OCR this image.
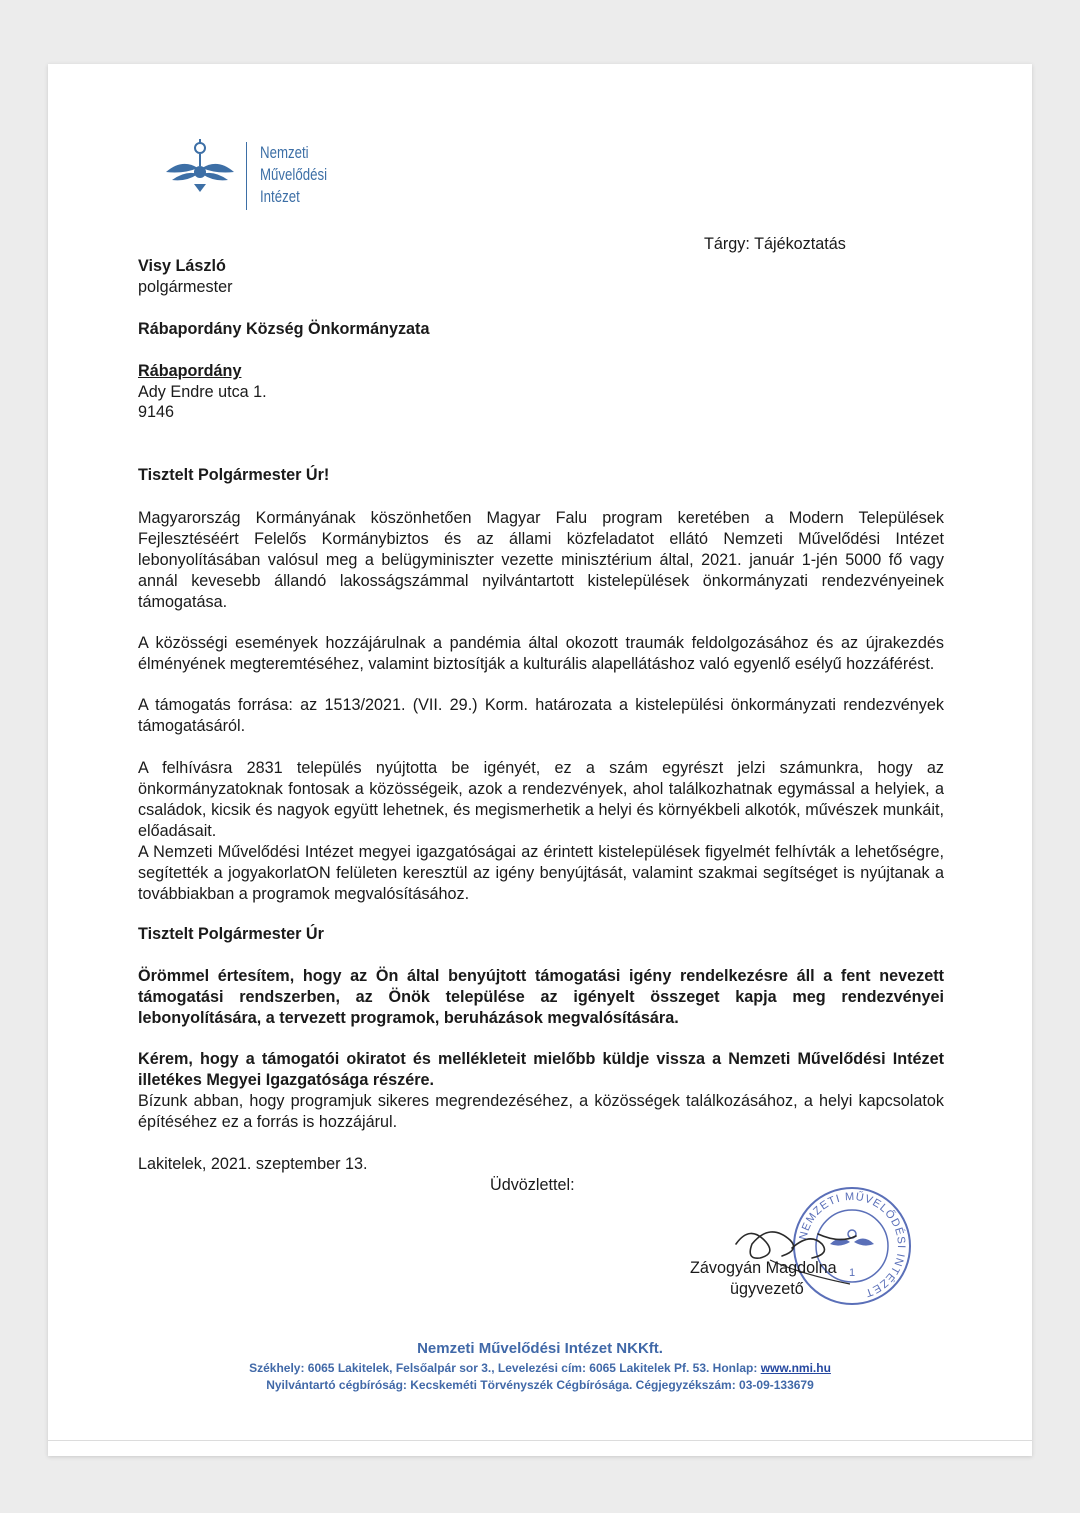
Nemzeti
Művelődési
Intézet
Tárgy: Tájékoztatás
Visy László
polgármester
Rábapordány Község Önkormányzata
Rábapordány
Ady Endre utca 1.
9146
Tisztelt Polgármester Úr!
Magyarország Kormányának köszönhetően Magyar Falu program keretében a Modern Települések Fejlesztéséért Felelős Kormánybiztos és az állami közfeladatot ellátó Nemzeti Művelődési Intézet lebonyolításában valósul meg a belügyminiszter vezette minisztérium által, 2021. január 1-jén 5000 fő vagy annál kevesebb állandó lakosságszámmal nyilvántartott kistelepülések önkormányzati rendezvényeinek támogatása.
A közösségi események hozzájárulnak a pandémia által okozott traumák feldolgozásához és az újrakezdés élményének megteremtéséhez, valamint biztosítják a kulturális alapellátáshoz való egyenlő esélyű hozzáférést.
A támogatás forrása: az 1513/2021. (VII. 29.) Korm. határozata a kistelepülési önkormányzati rendezvények támogatásáról.
A felhívásra 2831 település nyújtotta be igényét, ez a szám egyrészt jelzi számunkra, hogy az önkormányzatoknak fontosak a közösségeik, azok a rendezvények, ahol találkozhatnak egymással a helyiek, a családok, kicsik és nagyok együtt lehetnek, és megismerhetik a helyi és környékbeli alkotók, művészek munkáit, előadásait.
A Nemzeti Művelődési Intézet megyei igazgatóságai az érintett kistelepülések figyelmét felhívták a lehetőségre, segítették a jogyakorlatON felületen keresztül az igény benyújtását, valamint szakmai segítséget is nyújtanak a továbbiakban a programok megvalósításához.
Tisztelt Polgármester Úr
Örömmel értesítem, hogy az Ön által benyújtott támogatási igény rendelkezésre áll a fent nevezett támogatási rendszerben, az Önök települése az igényelt összeget kapja meg rendezvényei lebonyolítására, a tervezett programok, beruházások megvalósítására.
Kérem, hogy a támogatói okiratot és mellékleteit mielőbb küldje vissza a Nemzeti Művelődési Intézet illetékes Megyei Igazgatósága részére.
Bízunk abban, hogy programjuk sikeres megrendezéséhez, a közösségek találkozásához, a helyi kapcsolatok építéséhez ez a forrás is hozzájárul.
Lakitelek, 2021. szeptember 13.
Üdvözlettel:
NEMZETI MŰVELŐDÉSI INTÉZET
1
Závogyán Magdolna
ügyvezető
Nemzeti Művelődési Intézet NKKft.
Székhely: 6065 Lakitelek, Felsőalpár sor 3., Levelezési cím: 6065 Lakitelek Pf. 53. Honlap: www.nmi.hu
Nyilvántartó cégbíróság: Kecskeméti Törvényszék Cégbírósága. Cégjegyzékszám: 03-09-133679
